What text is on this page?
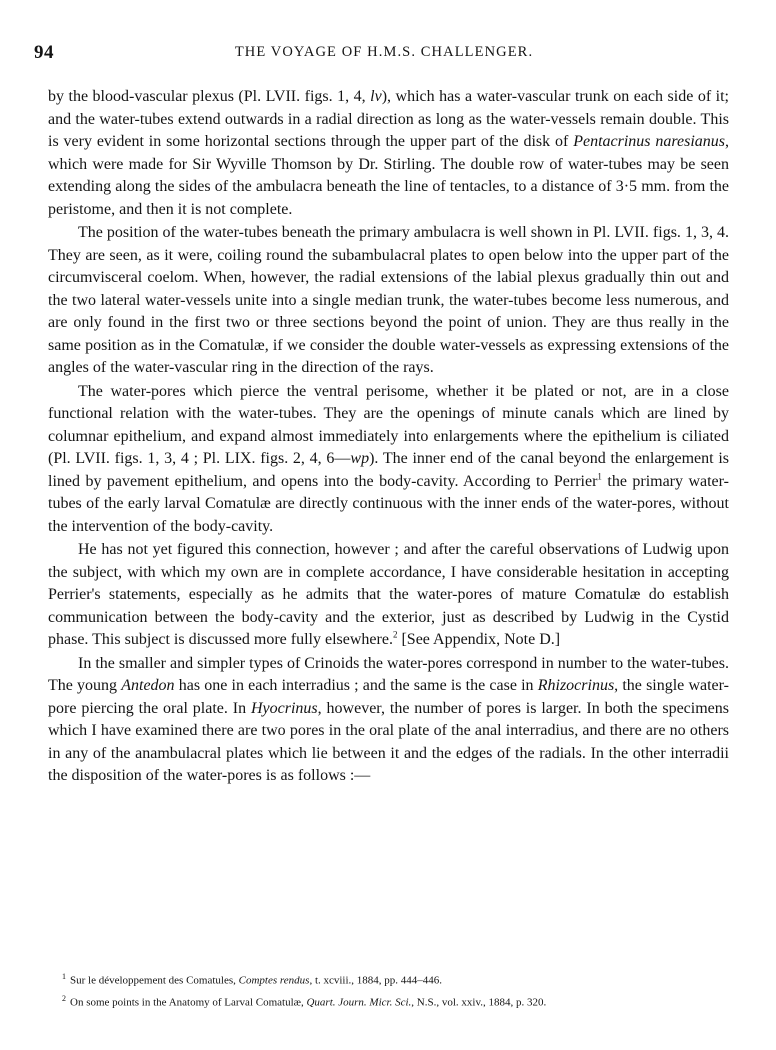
94	THE VOYAGE OF H.M.S. CHALLENGER.

by the blood-vascular plexus (Pl. LVII. figs. 1, 4, lv), which has a water-vascular trunk on each side of it; and the water-tubes extend outwards in a radial direction as long as the water-vessels remain double. This is very evident in some horizontal sections through the upper part of the disk of Pentacrinus naresianus, which were made for Sir Wyville Thomson by Dr. Stirling. The double row of water-tubes may be seen extending along the sides of the ambulacra beneath the line of tentacles, to a distance of 3·5 mm. from the peristome, and then it is not complete.

The position of the water-tubes beneath the primary ambulacra is well shown in Pl. LVII. figs. 1, 3, 4. They are seen, as it were, coiling round the subambulacral plates to open below into the upper part of the circumvisceral coelom. When, however, the radial extensions of the labial plexus gradually thin out and the two lateral water-vessels unite into a single median trunk, the water-tubes become less numerous, and are only found in the first two or three sections beyond the point of union. They are thus really in the same position as in the Comatulæ, if we consider the double water-vessels as expressing extensions of the angles of the water-vascular ring in the direction of the rays.

The water-pores which pierce the ventral perisome, whether it be plated or not, are in a close functional relation with the water-tubes. They are the openings of minute canals which are lined by columnar epithelium, and expand almost immediately into enlargements where the epithelium is ciliated (Pl. LVII. figs. 1, 3, 4 ; Pl. LIX. figs. 2, 4, 6—wp). The inner end of the canal beyond the enlargement is lined by pavement epithelium, and opens into the body-cavity. According to Perrier$^1$ the primary water-tubes of the early larval Comatulæ are directly continuous with the inner ends of the water-pores, without the intervention of the body-cavity.

He has not yet figured this connection, however ; and after the careful observations of Ludwig upon the subject, with which my own are in complete accordance, I have considerable hesitation in accepting Perrier's statements, especially as he admits that the water-pores of mature Comatulæ do establish communication between the body-cavity and the exterior, just as described by Ludwig in the Cystid phase. This subject is discussed more fully elsewhere.$^2$ [See Appendix, Note D.]

In the smaller and simpler types of Crinoids the water-pores correspond in number to the water-tubes. The young Antedon has one in each interradius ; and the same is the case in Rhizocrinus, the single water-pore piercing the oral plate. In Hyocrinus, however, the number of pores is larger. In both the specimens which I have examined there are two pores in the oral plate of the anal interradius, and there are no others in any of the anambulacral plates which lie between it and the edges of the radials. In the other interradii the disposition of the water-pores is as follows :—

$^1$ Sur le développement des Comatules, Comptes rendus, t. xcviii., 1884, pp. 444–446.

$^2$ On some points in the Anatomy of Larval Comatulæ, Quart. Journ. Micr. Sci., N.S., vol. xxiv., 1884, p. 320.
